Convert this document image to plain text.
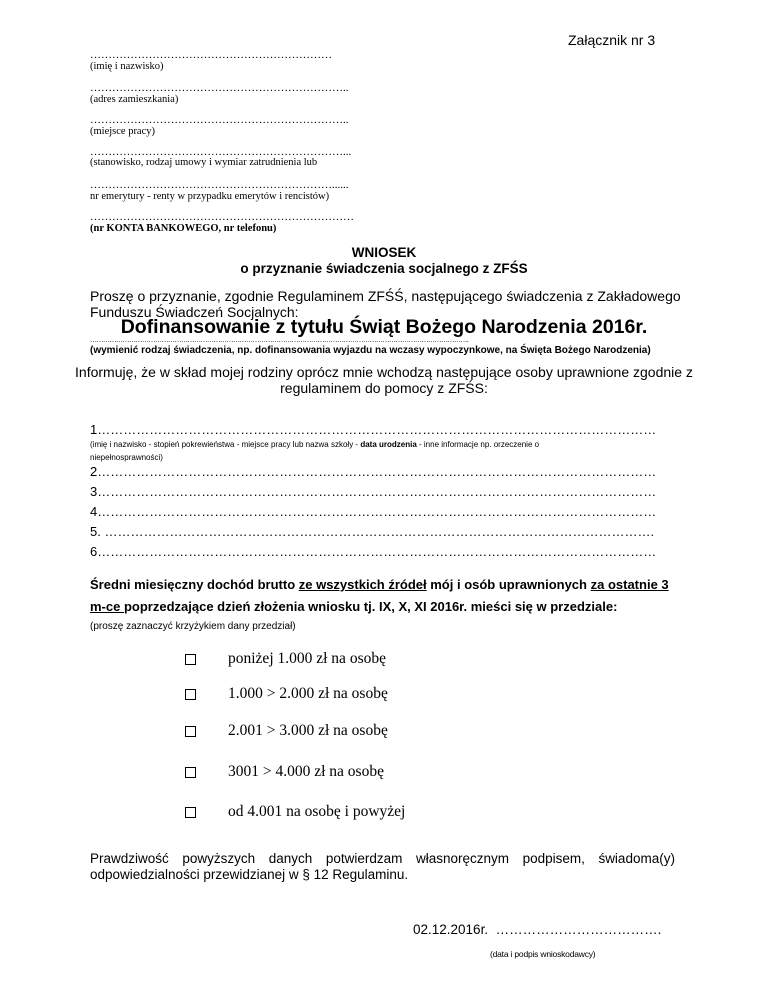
Załącznik nr 3
…………………………………………………………
(imię i nazwisko)
……………………………………………………………..
(adres zamieszkania)
……………………………………………………………..
(miejsce pracy)
……………………………………………………………...
(stanowisko, rodzaj umowy i wymiar zatrudnienia lub
…………………………………………………………......
nr emerytury - renty w przypadku emerytów i rencistów)
………………………………………………………………
(nr KONTA BANKOWEGO, nr telefonu)
WNIOSEK
o przyznanie świadczenia socjalnego z ZFŚS
Proszę o przyznanie, zgodnie Regulaminem ZFŚŚ, następującego świadczenia z Zakładowego
Funduszu Świadczeń Socjalnych:
Dofinansowanie z tytułu Świąt Bożego Narodzenia 2016r.
………………………………………………………………………………………………………………………………………………………….
(wymienić rodzaj świadczenia, np. dofinansowania wyjazdu na wczasy wypoczynkowe, na Święta Bożego Narodzenia)
Informuję, że w skład mojej rodziny oprócz mnie wchodzą następujące osoby uprawnione zgodnie z
regulaminem do pomocy z ZFŚS:
1…………………………………………………………………………………………………………………
(imię i nazwisko - stopień pokrewieństwa - miejsce pracy lub nazwa szkoły - data urodzenia - inne informacje np. orzeczenie o
niepełnosprawności)
2…………………………………………………………………………………………………………………
3…………………………………………………………………………………………………………………
4…………………………………………………………………………………………………………………
5. ……………………………………………………………………………………………………………….
6…………………………………………………………………………………………………………………
Średni miesięczny dochód brutto ze wszystkich źródeł mój i osób uprawnionych za ostatnie 3
m-ce poprzedzające dzień złożenia wniosku tj. IX, X, XI 2016r. mieści się w przedziale:
(proszę zaznaczyć krzyżykiem dany przedział)
poniżej 1.000 zł na osobę
1.000 > 2.000 zł na osobę
2.001 > 3.000 zł na osobę
3001 > 4.000 zł na osobę
od 4.001 na osobę i powyżej
Prawdziwość powyższych danych potwierdzam własnoręcznym podpisem, świadoma(y)
odpowiedzialności przewidzianej w § 12 Regulaminu.
02.12.2016r. ……………………………….
(data i podpis wnioskodawcy)
